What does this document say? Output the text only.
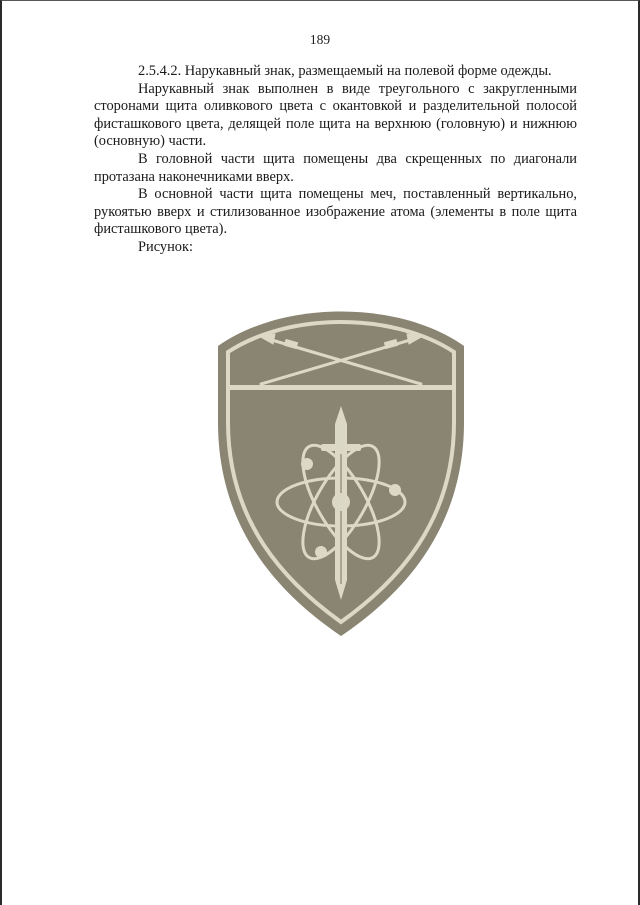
189

2.5.4.2. Нарукавный знак, размещаемый на полевой форме одежды.

Нарукавный знак выполнен в виде треугольного с закругленными сторонами щита оливкового цвета с окантовкой и разделительной полосой фисташкового цвета, делящей поле щита на верхнюю (головную) и нижнюю (основную) части.

В головной части щита помещены два скрещенных по диагонали протазана наконечниками вверх.

В основной части щита помещены меч, поставленный вертикально, рукоятью вверх и стилизованное изображение атома (элементы в поле щита фисташкового цвета).

Рисунок:
